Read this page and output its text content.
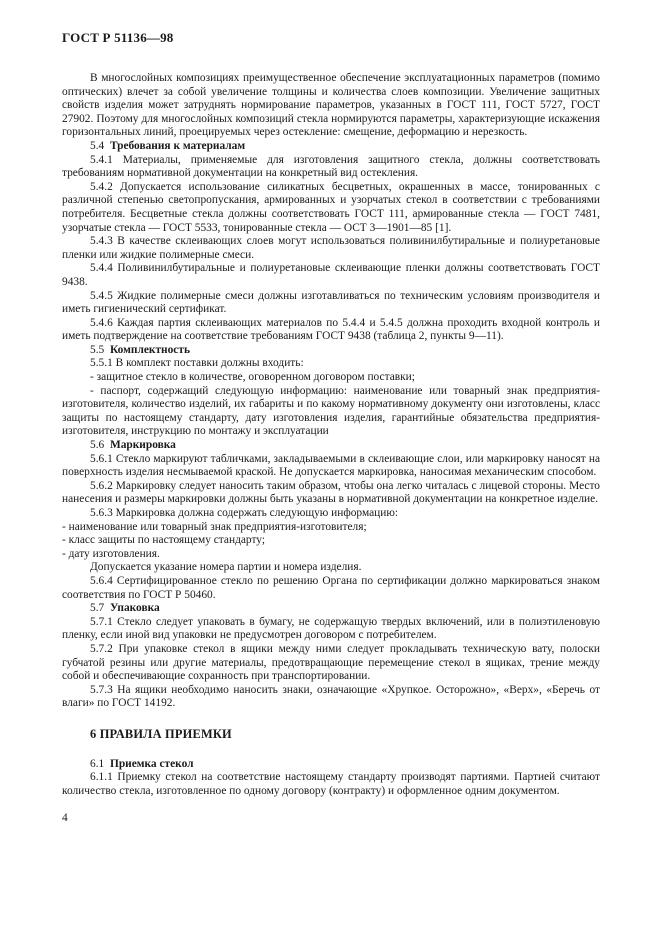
ГОСТ Р 51136—98

В многослойных композициях преимущественное обеспечение эксплуатационных параметров (помимо оптических) влечет за собой увеличение толщины и количества слоев композиции. Увеличение защитных свойств изделия может затруднять нормирование параметров, указанных в ГОСТ 111, ГОСТ 5727, ГОСТ 27902. Поэтому для многослойных композиций стекла нормируются параметры, характеризующие искажения горизонтальных линий, проецируемых через остекление: смещение, деформацию и нерезкость.

5.4 Требования к материалам

5.4.1 Материалы, применяемые для изготовления защитного стекла, должны соответствовать требованиям нормативной документации на конкретный вид остекления.

5.4.2 Допускается использование силикатных бесцветных, окрашенных в массе, тонированных с различной степенью светопропускания, армированных и узорчатых стекол в соответствии с требованиями потребителя. Бесцветные стекла должны соответствовать ГОСТ 111, армированные стекла — ГОСТ 7481, узорчатые стекла — ГОСТ 5533, тонированные стекла — ОСТ 3—1901—85 [1].

5.4.3 В качестве склеивающих слоев могут использоваться поливинилбутиральные и полиуретановые пленки или жидкие полимерные смеси.

5.4.4 Поливинилбутиральные и полиуретановые склеивающие пленки должны соответствовать ГОСТ 9438.

5.4.5 Жидкие полимерные смеси должны изготавливаться по техническим условиям производителя и иметь гигиенический сертификат.

5.4.6 Каждая партия склеивающих материалов по 5.4.4 и 5.4.5 должна проходить входной контроль и иметь подтверждение на соответствие требованиям ГОСТ 9438 (таблица 2, пункты 9—11).

5.5 Комплектность

5.5.1 В комплект поставки должны входить:

- защитное стекло в количестве, оговоренном договором поставки;

- паспорт, содержащий следующую информацию: наименование или товарный знак предприятия-изготовителя, количество изделий, их габариты и по какому нормативному документу они изготовлены, класс защиты по настоящему стандарту, дату изготовления изделия, гарантийные обязательства предприятия-изготовителя, инструкцию по монтажу и эксплуатации

5.6 Маркировка

5.6.1 Стекло маркируют табличками, закладываемыми в склеивающие слои, или маркировку наносят на поверхность изделия несмываемой краской. Не допускается маркировка, наносимая механическим способом.

5.6.2 Маркировку следует наносить таким образом, чтобы она легко читалась с лицевой стороны. Место нанесения и размеры маркировки должны быть указаны в нормативной документации на конкретное изделие.

5.6.3 Маркировка должна содержать следующую информацию:

- наименование или товарный знак предприятия-изготовителя;

- класс защиты по настоящему стандарту;

- дату изготовления.

Допускается указание номера партии и номера изделия.

5.6.4 Сертифицированное стекло по решению Органа по сертификации должно маркироваться знаком соответствия по ГОСТ Р 50460.

5.7 Упаковка

5.7.1 Стекло следует упаковать в бумагу, не содержащую твердых включений, или в полиэтиленовую пленку, если иной вид упаковки не предусмотрен договором с потребителем.

5.7.2 При упаковке стекол в ящики между ними следует прокладывать техническую вату, полоски губчатой резины или другие материалы, предотвращающие перемещение стекол в ящиках, трение между собой и обеспечивающие сохранность при транспортировании.

5.7.3 На ящики необходимо наносить знаки, означающие «Хрупкое. Осторожно», «Верх», «Беречь от влаги» по ГОСТ 14192.

6 ПРАВИЛА ПРИЕМКИ

6.1 Приемка стекол

6.1.1 Приемку стекол на соответствие настоящему стандарту производят партиями. Партией считают количество стекла, изготовленное по одному договору (контракту) и оформленное одним документом.

4
